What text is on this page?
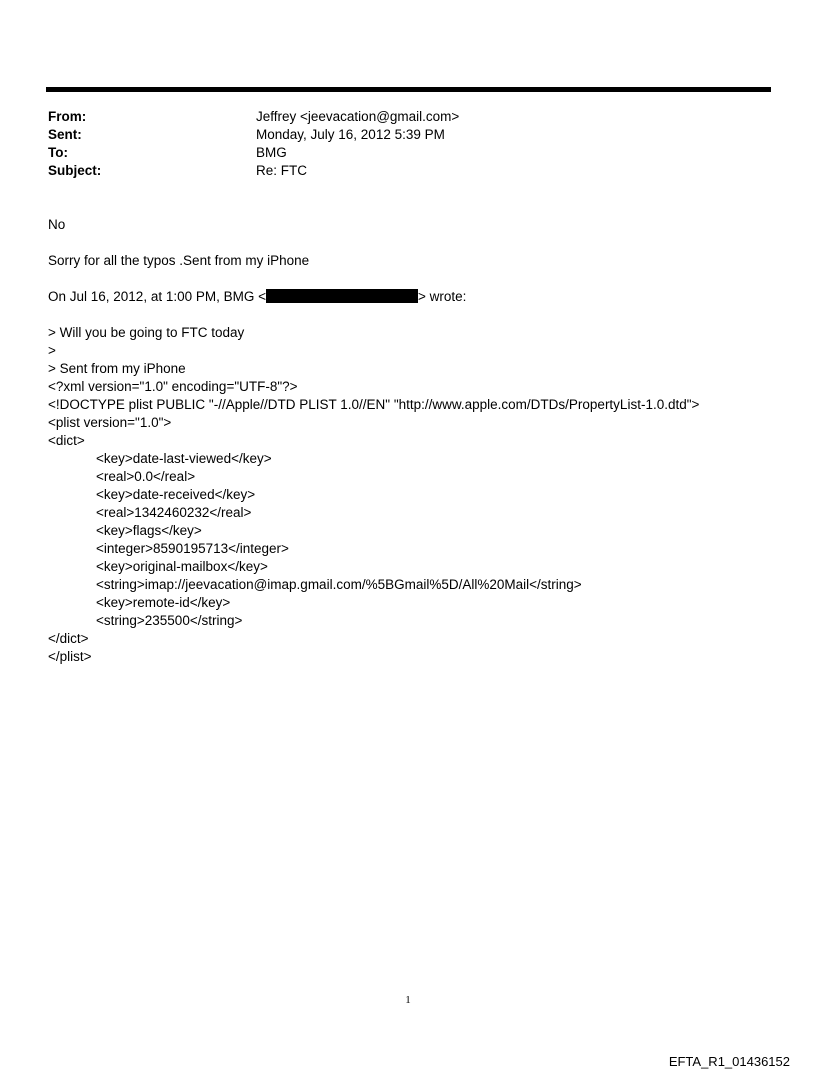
From:	Jeffrey <jeevacation@gmail.com>
Sent:	Monday, July 16, 2012 5:39 PM
To:	BMG
Subject:	Re: FTC
No
Sorry for all the typos .Sent from my iPhone
On Jul 16, 2012, at 1:00 PM, BMG <	> wrote:
> Will you be going to FTC today
>
> Sent from my iPhone
<?xml version="1.0" encoding="UTF-8"?>
<!DOCTYPE plist PUBLIC "-//Apple//DTD PLIST 1.0//EN" "http://www.apple.com/DTDs/PropertyList-1.0.dtd">
<plist version="1.0">
<dict>
<key>date-last-viewed</key>
<real>0.0</real>
<key>date-received</key>
<real>1342460232</real>
<key>flags</key>
<integer>8590195713</integer>
<key>original-mailbox</key>
<string>imap://jeevacation@imap.gmail.com/%5BGmail%5D/All%20Mail</string>
<key>remote-id</key>
<string>235500</string>
</dict>
</plist>
1
EFTA_R1_01436152
